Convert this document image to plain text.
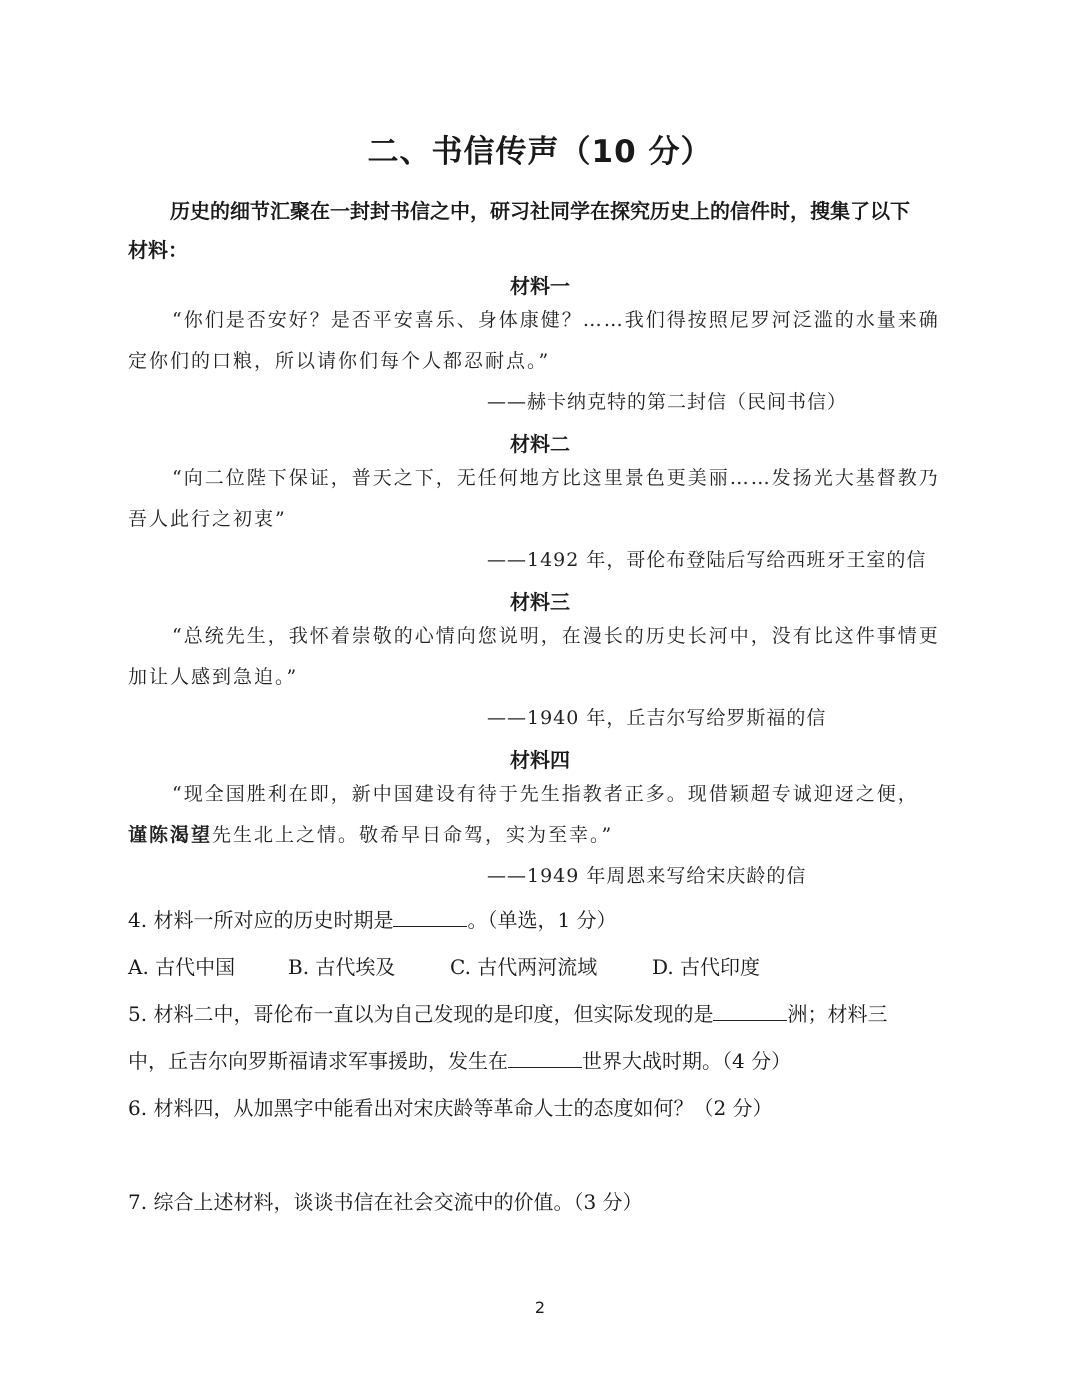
二、书信传声（10 分）
历史的细节汇聚在一封封书信之中，研习社同学在探究历史上的信件时，搜集了以下
材料：
材料一
“你们是否安好？是否平安喜乐、身体康健？……我们得按照尼罗河泛滥的水量来确
定你们的口粮，所以请你们每个人都忍耐点。”
——赫卡纳克特的第二封信（民间书信）
材料二
“向二位陛下保证，普天之下，无任何地方比这里景色更美丽……发扬光大基督教乃
吾人此行之初衷”
——1492 年，哥伦布登陆后写给西班牙王室的信
材料三
“总统先生，我怀着崇敬的心情向您说明，在漫长的历史长河中，没有比这件事情更
加让人感到急迫。”
——1940 年，丘吉尔写给罗斯福的信
材料四
“现全国胜利在即，新中国建设有待于先生指教者正多。现借颖超专诚迎迓之便，
谨陈渴望先生北上之情。敬希早日命驾，实为至幸。”
——1949 年周恩来写给宋庆龄的信
4. 材料一所对应的历史时期是	。（单选，1 分）
A. 古代中国	B. 古代埃及	C. 古代两河流域	D. 古代印度
5. 材料二中，哥伦布一直以为自己发现的是印度，但实际发现的是	洲；材料三
中，丘吉尔向罗斯福请求军事援助，发生在	世界大战时期。（4 分）
6. 材料四，从加黑字中能看出对宋庆龄等革命人士的态度如何？（2 分）
7. 综合上述材料，谈谈书信在社会交流中的价值。（3 分）
2
